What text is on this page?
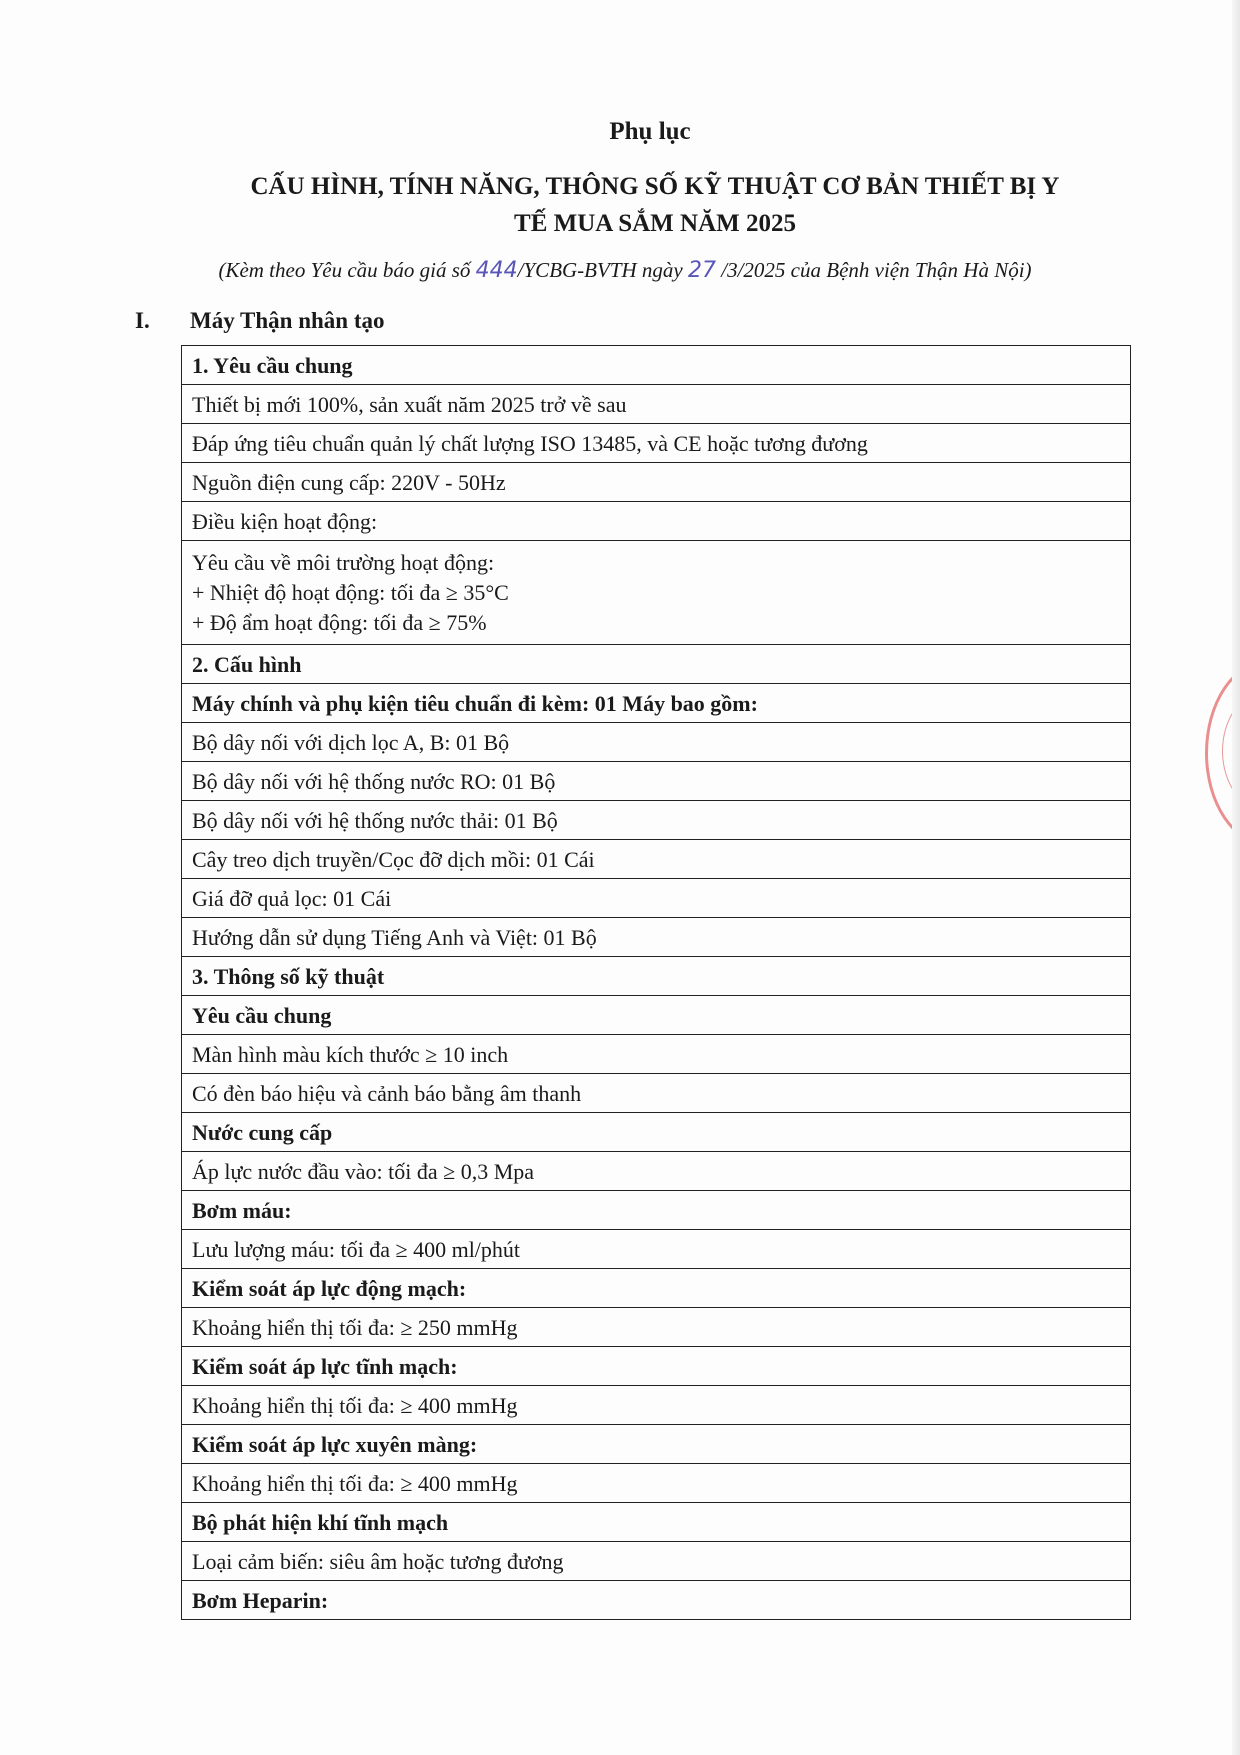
Phụ lục
CẤU HÌNH, TÍNH NĂNG, THÔNG SỐ KỸ THUẬT CƠ BẢN THIẾT BỊ Y
TẾ MUA SẮM NĂM 2025
(Kèm theo Yêu cầu báo giá số 444/YCBG-BVTH ngày 27 /3/2025 của Bệnh viện Thận Hà Nội)
I. Máy Thận nhân tạo
1. Yêu cầu chung
Thiết bị mới 100%, sản xuất năm 2025 trở về sau
Đáp ứng tiêu chuẩn quản lý chất lượng ISO 13485, và CE hoặc tương đương
Nguồn điện cung cấp: 220V - 50Hz
Điều kiện hoạt động:

Yêu cầu về môi trường hoạt động:
+ Nhiệt độ hoạt động: tối đa ≥ 35°C
+ Độ ẩm hoạt động: tối đa ≥ 75%

2. Cấu hình
Máy chính và phụ kiện tiêu chuẩn đi kèm: 01 Máy bao gồm:
Bộ dây nối với dịch lọc A, B: 01 Bộ
Bộ dây nối với hệ thống nước RO: 01 Bộ
Bộ dây nối với hệ thống nước thải: 01 Bộ
Cây treo dịch truyền/Cọc đỡ dịch mồi: 01 Cái
Giá đỡ quả lọc: 01 Cái
Hướng dẫn sử dụng Tiếng Anh và Việt: 01 Bộ
3. Thông số kỹ thuật
Yêu cầu chung
Màn hình màu kích thước ≥ 10 inch
Có đèn báo hiệu và cảnh báo bằng âm thanh
Nước cung cấp
Áp lực nước đầu vào: tối đa ≥ 0,3 Mpa
Bơm máu:
Lưu lượng máu: tối đa ≥ 400 ml/phút
Kiểm soát áp lực động mạch:
Khoảng hiển thị tối đa: ≥ 250 mmHg
Kiểm soát áp lực tĩnh mạch:
Khoảng hiển thị tối đa: ≥ 400 mmHg
Kiểm soát áp lực xuyên màng:
Khoảng hiển thị tối đa: ≥ 400 mmHg
Bộ phát hiện khí tĩnh mạch
Loại cảm biến: siêu âm hoặc tương đương
Bơm Heparin:
